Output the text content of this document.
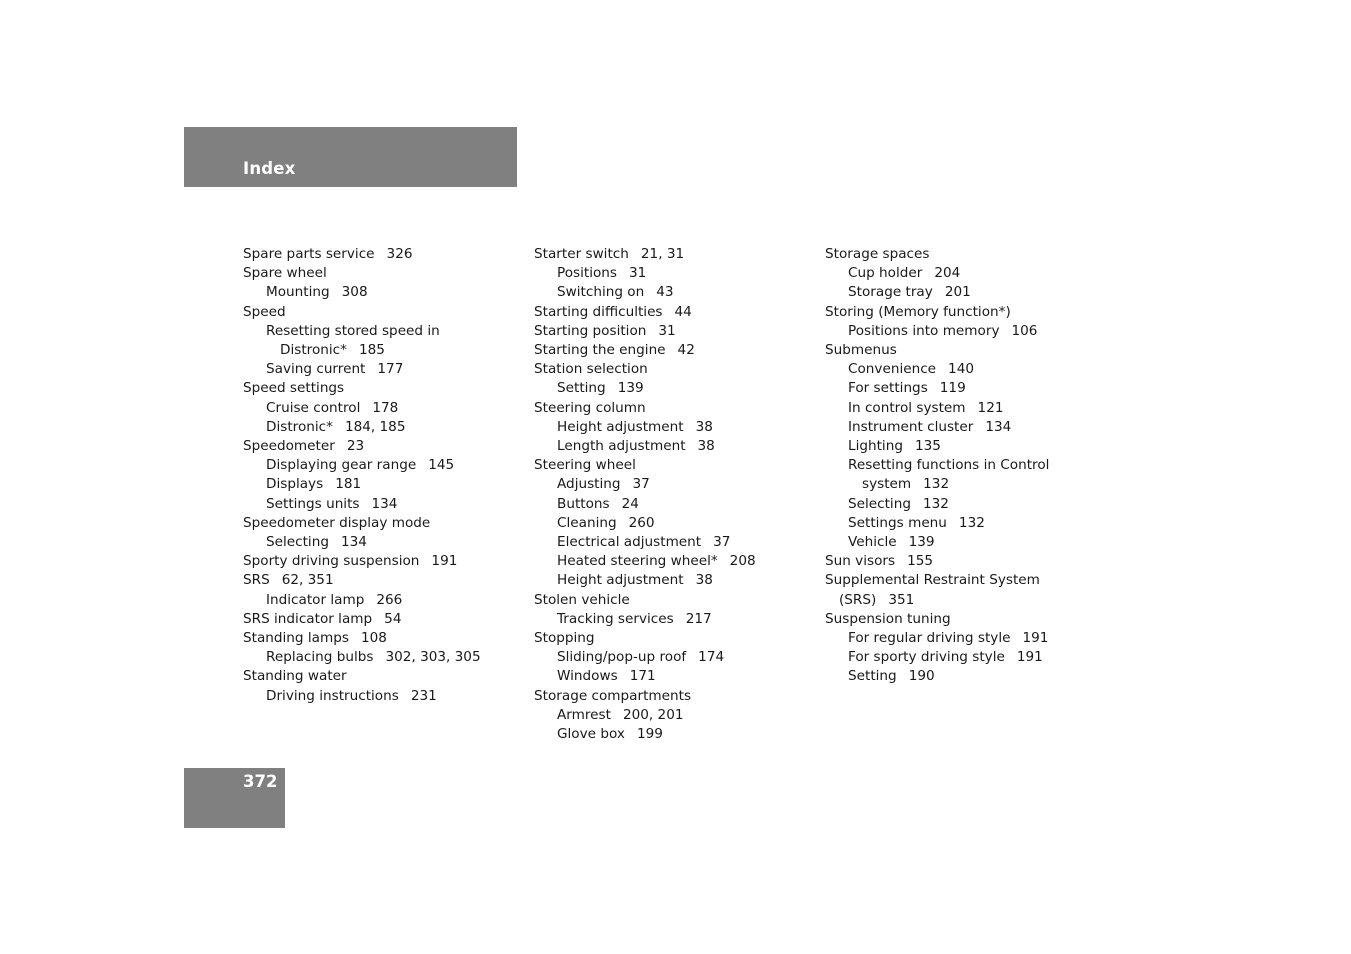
Index
Spare parts service 326
Spare wheel
Mounting 308
Speed
Resetting stored speed in
Distronic* 185
Saving current 177
Speed settings
Cruise control 178
Distronic* 184, 185
Speedometer 23
Displaying gear range 145
Displays 181
Settings units 134
Speedometer display mode
Selecting 134
Sporty driving suspension 191
SRS 62, 351
Indicator lamp 266
SRS indicator lamp 54
Standing lamps 108
Replacing bulbs 302, 303, 305
Standing water
Driving instructions 231
Starter switch 21, 31
Positions 31
Switching on 43
Starting difficulties 44
Starting position 31
Starting the engine 42
Station selection
Setting 139
Steering column
Height adjustment 38
Length adjustment 38
Steering wheel
Adjusting 37
Buttons 24
Cleaning 260
Electrical adjustment 37
Heated steering wheel* 208
Height adjustment 38
Stolen vehicle
Tracking services 217
Stopping
Sliding/pop-up roof 174
Windows 171
Storage compartments
Armrest 200, 201
Glove box 199
Storage spaces
Cup holder 204
Storage tray 201
Storing (Memory function*)
Positions into memory 106
Submenus
Convenience 140
For settings 119
In control system 121
Instrument cluster 134
Lighting 135
Resetting functions in Control
system 132
Selecting 132
Settings menu 132
Vehicle 139
Sun visors 155
Supplemental Restraint System
(SRS) 351
Suspension tuning
For regular driving style 191
For sporty driving style 191
Setting 190
372
